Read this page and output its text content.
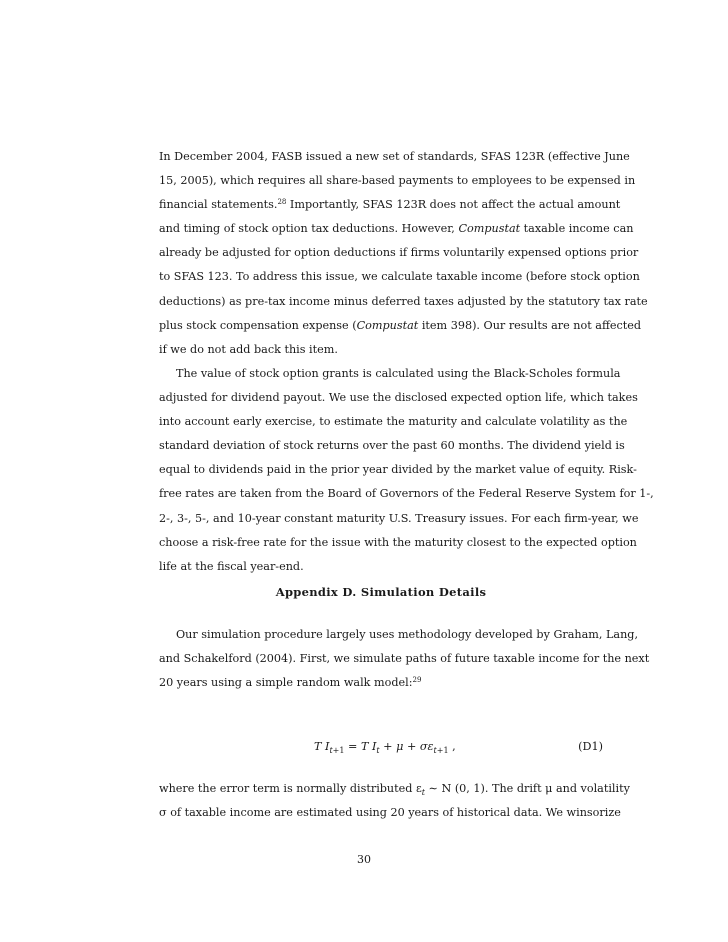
In December 2004, FASB issued a new set of standards, SFAS 123R (effective June
15, 2005), which requires all share-based payments to employees to be expensed in
financial statements.$^{28}$ Importantly, SFAS 123R does not affect the actual amount
and timing of stock option tax deductions. However, Compustat taxable income can
already be adjusted for option deductions if firms voluntarily expensed options prior
to SFAS 123. To address this issue, we calculate taxable income (before stock option
deductions) as pre-tax income minus deferred taxes adjusted by the statutory tax rate
plus stock compensation expense (Compustat item 398). Our results are not affected
if we do not add back this item.
The value of stock option grants is calculated using the Black-Scholes formula
adjusted for dividend payout. We use the disclosed expected option life, which takes
into account early exercise, to estimate the maturity and calculate volatility as the
standard deviation of stock returns over the past 60 months. The dividend yield is
equal to dividends paid in the prior year divided by the market value of equity. Risk-
free rates are taken from the Board of Governors of the Federal Reserve System for 1-,
2-, 3-, 5-, and 10-year constant maturity U.S. Treasury issues. For each firm-year, we
choose a risk-free rate for the issue with the maturity closest to the expected option
life at the fiscal year-end.
Appendix D. Simulation Details
Our simulation procedure largely uses methodology developed by Graham, Lang,
and Schakelford (2004). First, we simulate paths of future taxable income for the next
20 years using a simple random walk model:$^{29}$
T $I_{t+1} = T$ $I_t + \mu + \sigma\varepsilon_{t+1}$ ,	(D1)
where the error term is normally distributed $\varepsilon_t$ ∼ N (0, 1). The drift μ and volatility
σ of taxable income are estimated using 20 years of historical data. We winsorize
30
